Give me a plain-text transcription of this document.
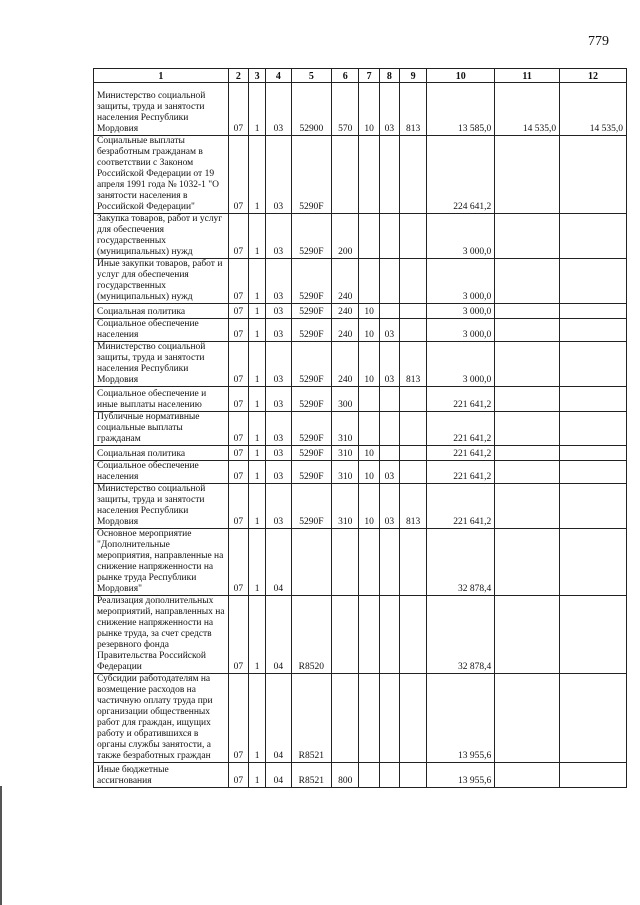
779
1	2	3	4	5	6	7	8	9	10	11	12
Министерство социальной защиты, труда и занятости населения Республики Мордовия	07	1	03	52900	570	10	03	813	13 585,0	14 535,0	14 535,0
Социальные выплаты безработным гражданам в соответствии с Законом Российской Федерации от 19 апреля 1991 года № 1032-1 "О занятости населения в Российской Федерации"	07	1	03	5290F					224 641,2		
Закупка товаров, работ и услуг для обеспечения государственных (муниципальных) нужд	07	1	03	5290F	200				3 000,0		
Иные закупки товаров, работ и услуг для обеспечения государственных (муниципальных) нужд	07	1	03	5290F	240				3 000,0		
Социальная политика	07	1	03	5290F	240	10			3 000,0		
Социальное обеспечение населения	07	1	03	5290F	240	10	03		3 000,0		
Министерство социальной защиты, труда и занятости населения Республики Мордовия	07	1	03	5290F	240	10	03	813	3 000,0		
Социальное обеспечение и иные выплаты населению	07	1	03	5290F	300				221 641,2		
Публичные нормативные социальные выплаты гражданам	07	1	03	5290F	310				221 641,2		
Социальная политика	07	1	03	5290F	310	10			221 641,2		
Социальное обеспечение населения	07	1	03	5290F	310	10	03		221 641,2		
Министерство социальной защиты, труда и занятости населения Республики Мордовия	07	1	03	5290F	310	10	03	813	221 641,2		
Основное мероприятие "Дополнительные мероприятия, направленные на снижение напряженности на рынке труда Республики Мордовия"	07	1	04						32 878,4		
Реализация дополнительных мероприятий, направленных на снижение напряженности на рынке труда, за счет средств резервного фонда Правительства Российской Федерации	07	1	04	R8520					32 878,4		
Субсидии работодателям на возмещение расходов на частичную оплату труда при организации общественных работ для граждан, ищущих работу и обратившихся в органы службы занятости, а также безработных граждан	07	1	04	R8521					13 955,6		
Иные бюджетные ассигнования	07	1	04	R8521	800				13 955,6		
